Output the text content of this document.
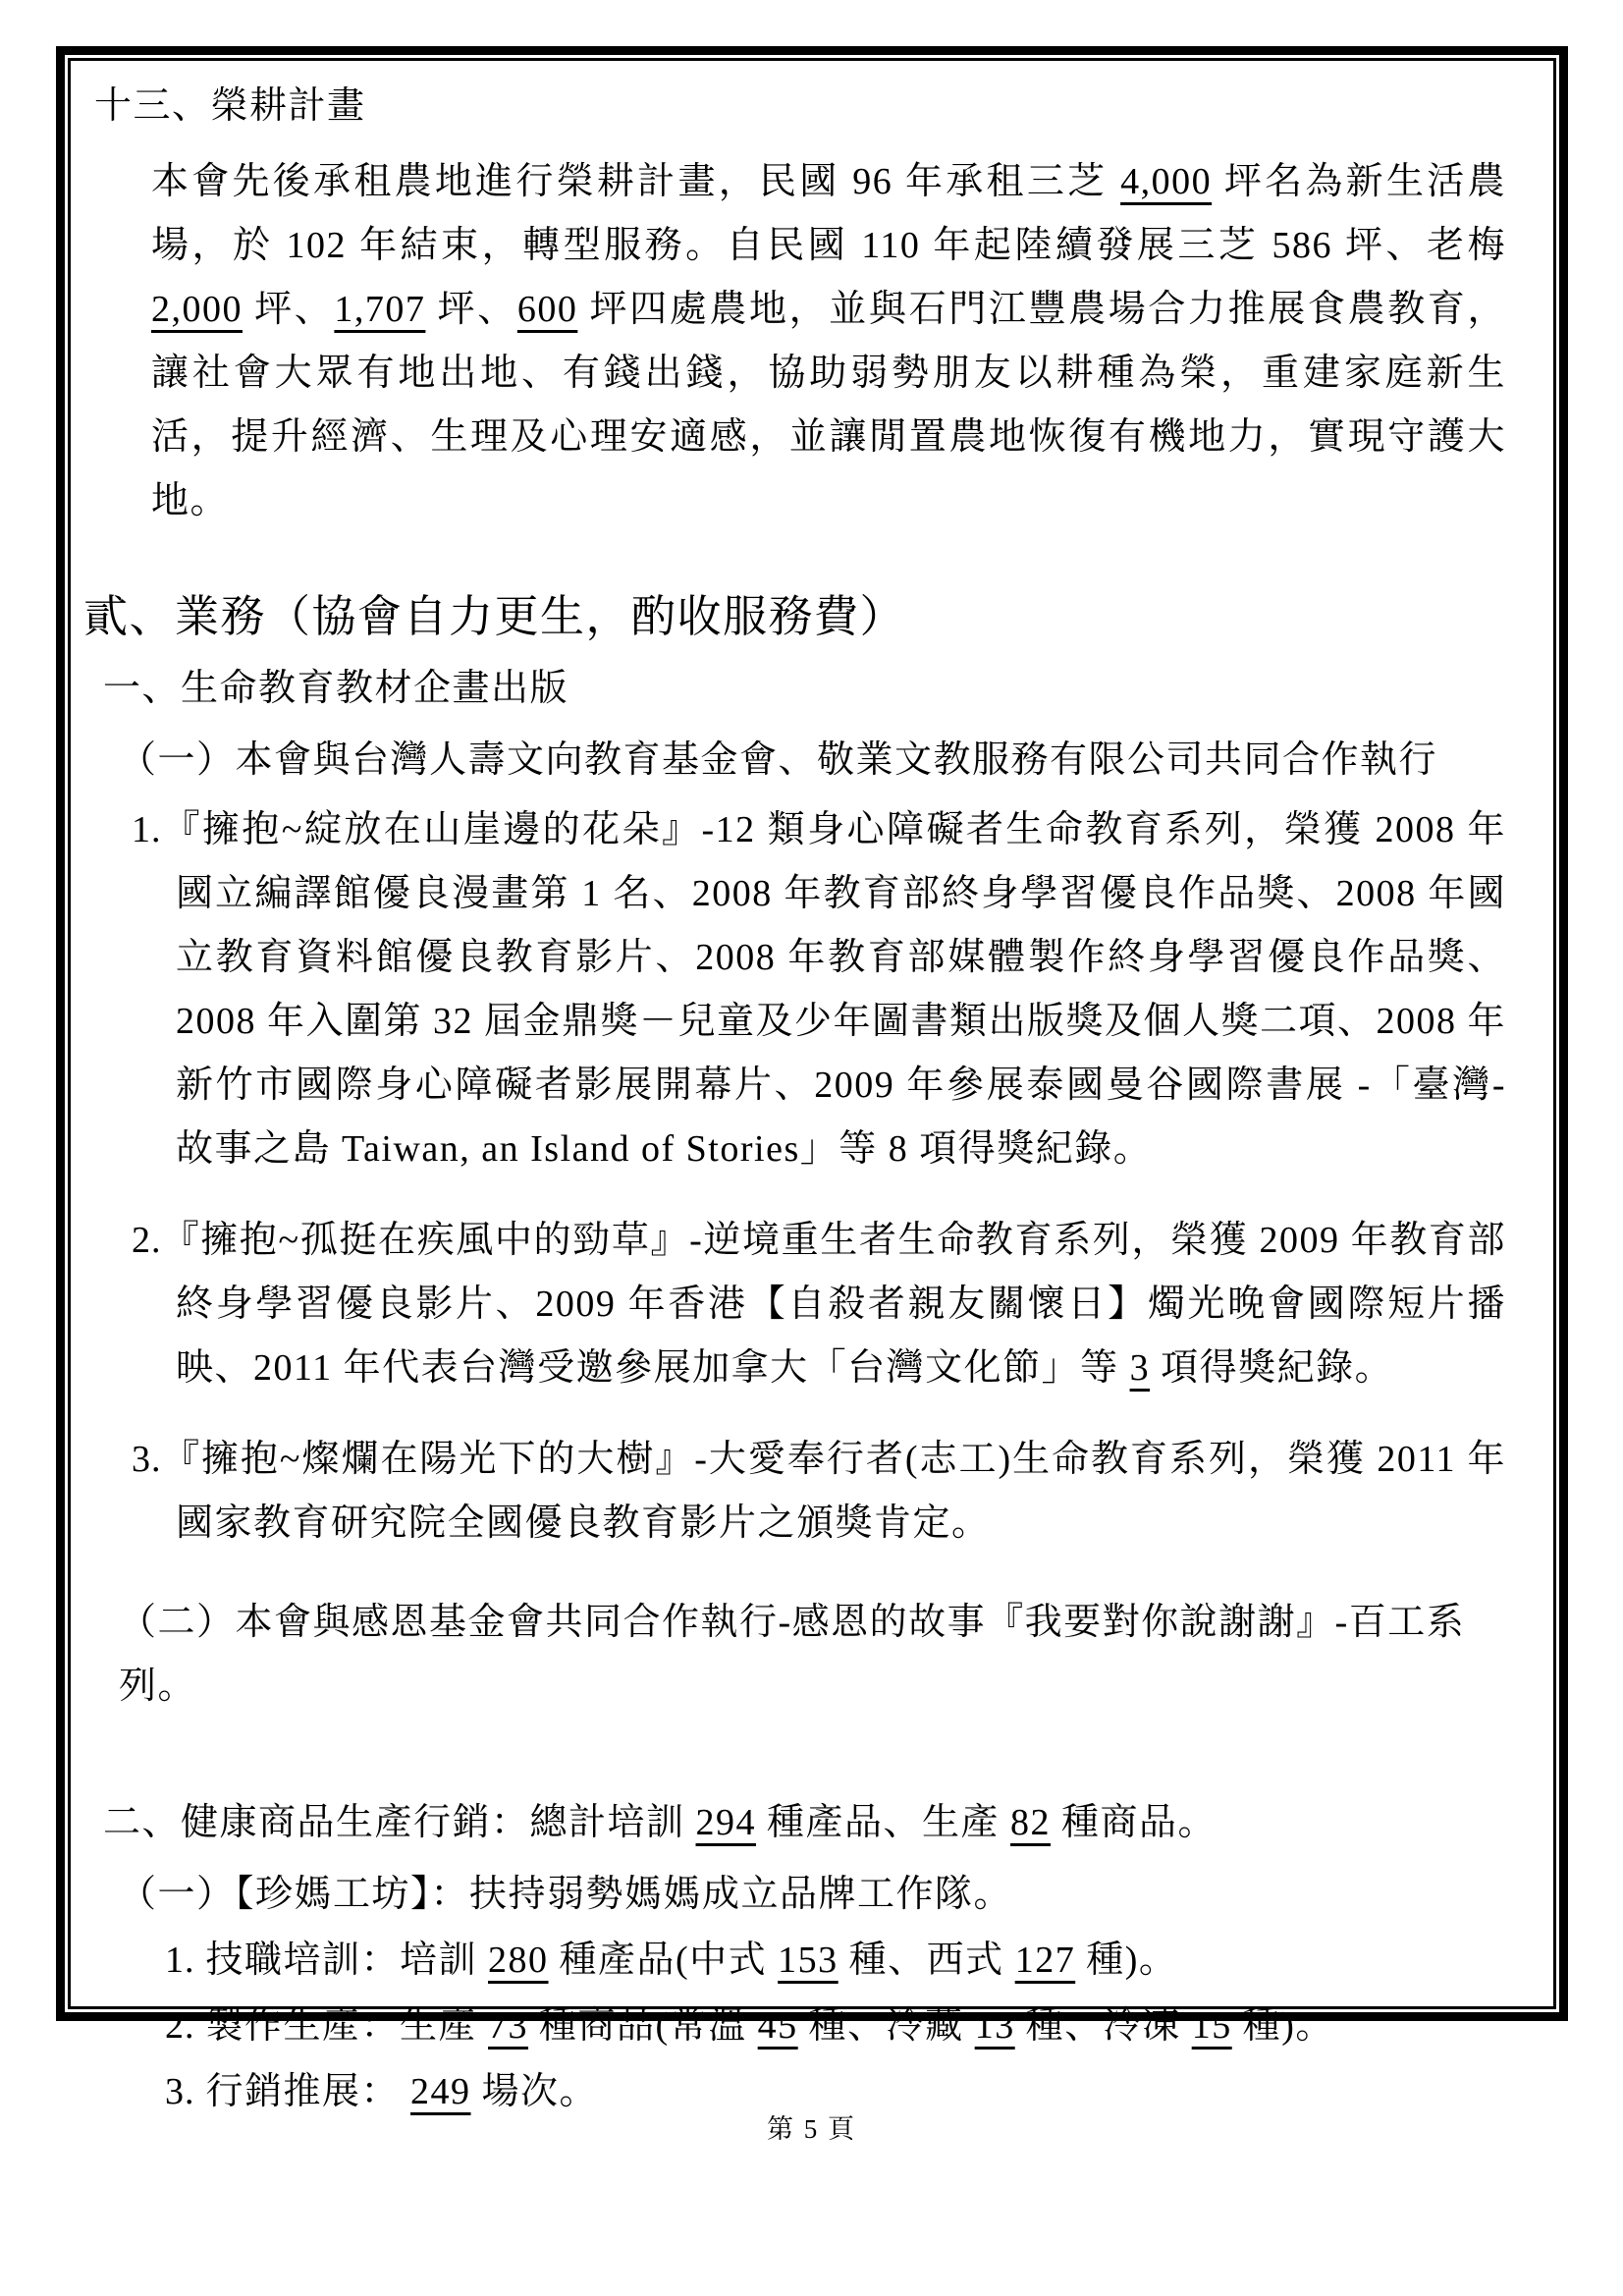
十三、榮耕計畫
本會先後承租農地進行榮耕計畫，民國 96 年承租三芝 4,000 坪名為新生活農場，於 102 年結束，轉型服務。自民國 110 年起陸續發展三芝 586 坪、老梅 2,000 坪、1,707 坪、600 坪四處農地，並與石門江豐農場合力推展食農教育，讓社會大眾有地出地、有錢出錢，協助弱勢朋友以耕種為榮，重建家庭新生活，提升經濟、生理及心理安適感，並讓閒置農地恢復有機地力，實現守護大地。
貳、業務（協會自力更生，酌收服務費）
一、生命教育教材企畫出版
（一）本會與台灣人壽文向教育基金會、敬業文教服務有限公司共同合作執行
1.『擁抱~綻放在山崖邊的花朵』-12 類身心障礙者生命教育系列，榮獲 2008 年國立編譯館優良漫畫第 1 名、2008 年教育部終身學習優良作品獎、2008 年國立教育資料館優良教育影片、2008 年教育部媒體製作終身學習優良作品獎、2008 年入圍第 32 屆金鼎獎－兒童及少年圖書類出版獎及個人獎二項、2008 年新竹市國際身心障礙者影展開幕片、2009 年參展泰國曼谷國際書展 -「臺灣-故事之島 Taiwan, an Island of Stories」等 8 項得獎紀錄。
2.『擁抱~孤挺在疾風中的勁草』-逆境重生者生命教育系列，榮獲 2009 年教育部終身學習優良影片、2009 年香港【自殺者親友關懷日】燭光晚會國際短片播映、2011 年代表台灣受邀參展加拿大「台灣文化節」等 3 項得獎紀錄。
3.『擁抱~燦爛在陽光下的大樹』-大愛奉行者(志工)生命教育系列，榮獲 2011 年國家教育研究院全國優良教育影片之頒獎肯定。
（二）本會與感恩基金會共同合作執行-感恩的故事『我要對你說謝謝』-百工系列。
二、健康商品生產行銷：總計培訓 294 種產品、生產 82 種商品。
（一）【珍媽工坊】：扶持弱勢媽媽成立品牌工作隊。
1. 技職培訓：培訓 280 種產品(中式 153 種、西式 127 種)。
2. 製作生產：生產 73 種商品(常溫 45 種、冷藏 13 種、冷凍 15 種)。
3. 行銷推展： 249 場次。
第 5 頁
